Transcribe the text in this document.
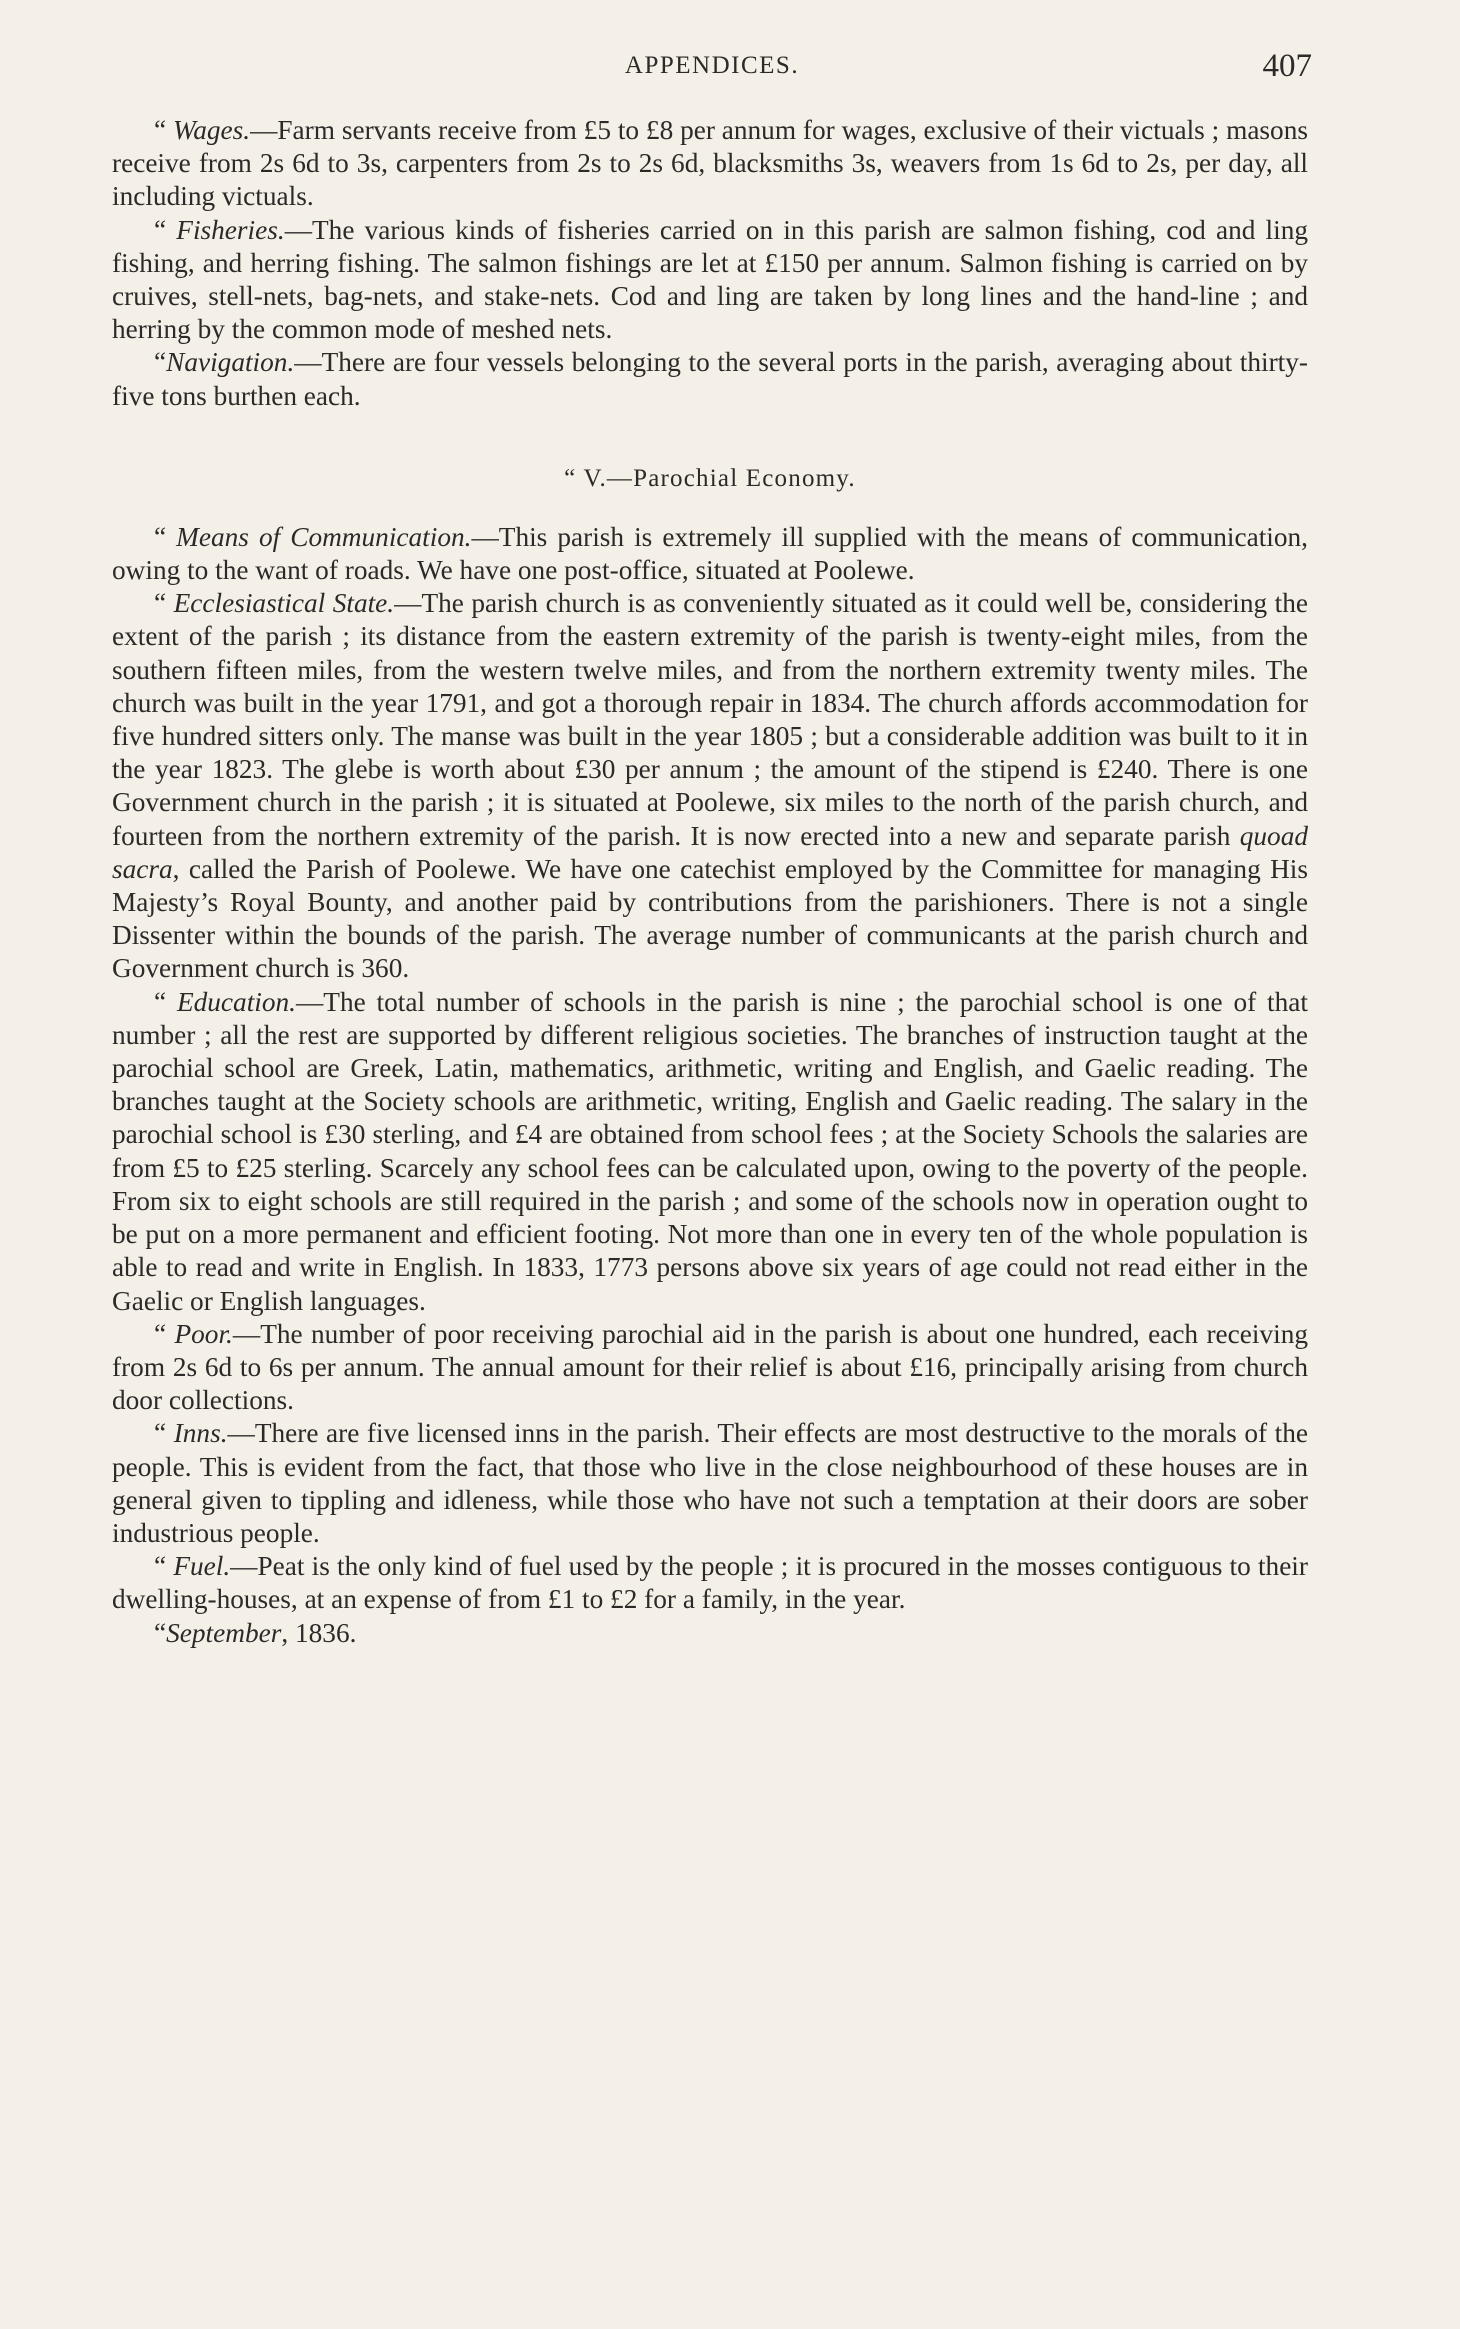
APPENDICES.	407

“ Wages.—Farm servants receive from £5 to £8 per annum for wages, exclusive of their victuals ; masons receive from 2s 6d to 3s, carpenters from 2s to 2s 6d, blacksmiths 3s, weavers from 1s 6d to 2s, per day, all including victuals.

“ Fisheries.—The various kinds of fisheries carried on in this parish are salmon fishing, cod and ling fishing, and herring fishing. The salmon fishings are let at £150 per annum. Salmon fishing is carried on by cruives, stell-nets, bag-nets, and stake-nets. Cod and ling are taken by long lines and the hand-line ; and herring by the common mode of meshed nets.

“Navigation.—There are four vessels belonging to the several ports in the parish, averaging about thirty-five tons burthen each.

“ V.—Parochial Economy.

“ Means of Communication.—This parish is extremely ill supplied with the means of communication, owing to the want of roads. We have one post-office, situated at Poolewe.

“ Ecclesiastical State.—The parish church is as conveniently situated as it could well be, considering the extent of the parish ; its distance from the eastern extremity of the parish is twenty-eight miles, from the southern fifteen miles, from the western twelve miles, and from the northern extremity twenty miles. The church was built in the year 1791, and got a thorough repair in 1834. The church affords accommodation for five hundred sitters only. The manse was built in the year 1805 ; but a considerable addition was built to it in the year 1823. The glebe is worth about £30 per annum ; the amount of the stipend is £240. There is one Government church in the parish ; it is situated at Poolewe, six miles to the north of the parish church, and fourteen from the northern extremity of the parish. It is now erected into a new and separate parish quoad sacra, called the Parish of Poolewe. We have one catechist employed by the Committee for managing His Majesty’s Royal Bounty, and another paid by contributions from the parishioners. There is not a single Dissenter within the bounds of the parish. The average number of communicants at the parish church and Government church is 360.

“ Education.—The total number of schools in the parish is nine ; the parochial school is one of that number ; all the rest are supported by different religious societies. The branches of instruction taught at the parochial school are Greek, Latin, mathematics, arithmetic, writing and English, and Gaelic reading. The branches taught at the Society schools are arithmetic, writing, English and Gaelic reading. The salary in the parochial school is £30 sterling, and £4 are obtained from school fees ; at the Society Schools the salaries are from £5 to £25 sterling. Scarcely any school fees can be calculated upon, owing to the poverty of the people. From six to eight schools are still required in the parish ; and some of the schools now in operation ought to be put on a more permanent and efficient footing. Not more than one in every ten of the whole population is able to read and write in English. In 1833, 1773 persons above six years of age could not read either in the Gaelic or English languages.

“ Poor.—The number of poor receiving parochial aid in the parish is about one hundred, each receiving from 2s 6d to 6s per annum. The annual amount for their relief is about £16, principally arising from church door collections.

“ Inns.—There are five licensed inns in the parish. Their effects are most destructive to the morals of the people. This is evident from the fact, that those who live in the close neighbourhood of these houses are in general given to tippling and idleness, while those who have not such a temptation at their doors are sober industrious people.

“ Fuel.—Peat is the only kind of fuel used by the people ; it is procured in the mosses contiguous to their dwelling-houses, at an expense of from £1 to £2 for a family, in the year.

“September, 1836.
